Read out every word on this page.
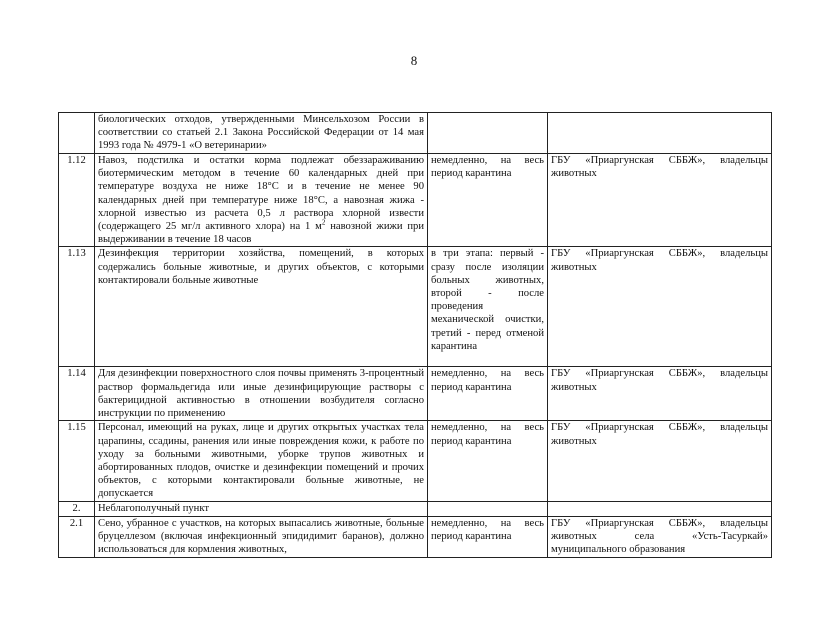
8
	биологических отходов, утвержденными Минсельхозом России в соответствии со статьей 2.1 Закона Российской Федерации от 14 мая 1993 года № 4979-1 «О ветеринарии»		
1.12	Навоз, подстилка и остатки корма подлежат обеззараживанию биотермическим методом в течение 60 календарных дней при температуре воздуха не ниже 18°С и в течение не менее 90 календарных дней при температуре ниже 18°С, а навозная жижа - хлорной известью из расчета 0,5 л раствора хлорной извести (содержащего 25 мг/л активного хлора) на 1 $м^2$ навозной жижи при выдерживании в течение 18 часов	немедленно, на весь период карантина	ГБУ «Приаргунская СББЖ», владельцы животных
1.13	Дезинфекция территории хозяйства, помещений, в которых содержались больные животные, и других объектов, с которыми контактировали больные животные	в три этапа: первый - сразу после изоляции больных животных, второй - после проведения механической очистки, третий - перед отменой карантина	ГБУ «Приаргунская СББЖ», владельцы животных
1.14	Для дезинфекции поверхностного слоя почвы применять 3-процентный раствор формальдегида или иные дезинфицирующие растворы с бактерицидной активностью в отношении возбудителя согласно инструкции по применению	немедленно, на весь период карантина	ГБУ «Приаргунская СББЖ», владельцы животных
1.15	Персонал, имеющий на руках, лице и других открытых участках тела царапины, ссадины, ранения или иные повреждения кожи, к работе по уходу за больными животными, уборке трупов животных и абортированных плодов, очистке и дезинфекции помещений и прочих объектов, с которыми контактировали больные животные, не допускается	немедленно, на весь период карантина	ГБУ «Приаргунская СББЖ», владельцы животных
2.	Неблагополучный пункт		
2.1	Сено, убранное с участков, на которых выпасались животные, больные бруцеллезом (включая инфекционный эпидидимит баранов), должно использоваться для кормления животных,	немедленно, на весь период карантина	ГБУ «Приаргунская СББЖ», владельцы животных села «Усть-Тасуркай» муниципального образования
